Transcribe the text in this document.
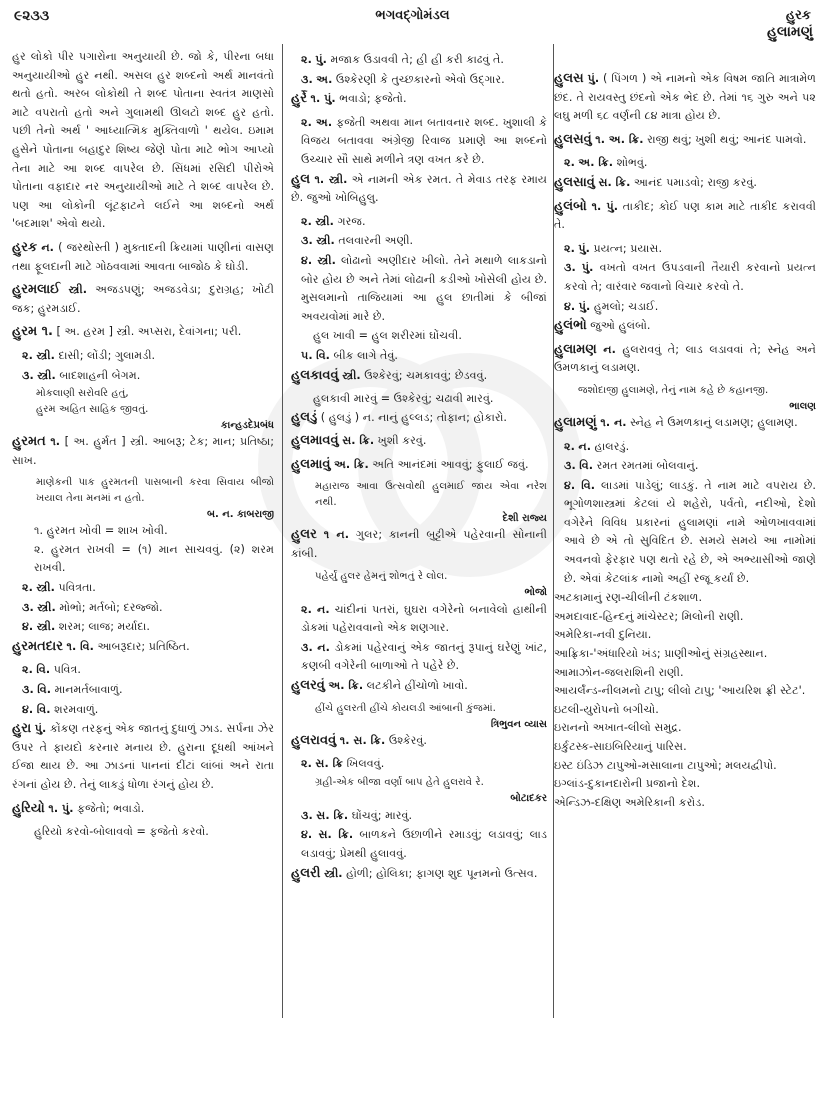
૯૨૩૩	ભગવદ્ગોમંડલ	હુરક
હુલામણું
હુર લોકો પીર પગારોના અનુયાયી છે. જો કે, પીરના બધા અનુયાયીઓ હુર નથી. અસલ હુર શબ્દનો અર્થ માનવંતો થતો હતો. અરબ લોકોથી તે શબ્દ પોતાના સ્વતંત્ર માણસો માટે વપરાતો હતો અને ગુલામથી ઊલટો શબ્દ હુર હતો. પછી તેનો અર્થ ' આધ્યાત્મિક મુક્તિવાળો ' થયેલ. ઇમામ હુસેને પોતાના બહાદુર શિષ્ય જેણે પોતા માટે ભોગ આપ્યો તેના માટે આ શબ્દ વાપરેલ છે. સિંધમાં રસિદી પીરોએ પોતાના વફાદાર નર અનુયાયીઓ માટે તે શબ્દ વાપરેલ છે. પણ આ લોકોની લૂંટફાટને લઈને આ શબ્દનો અર્થ 'બદમાશ' એવો થયો.
હુરક ન. ( જરથોસ્તી ) મુક્તાદની ક્રિયામાં પાણીનાં વાસણ તથા ફૂલદાની માટે ગોઠવવામાં આવતા બાજોઠ કે ઘોડી.
હુરમલાઈ સ્ત્રી. અજડપણું; અજડવેડા; દુરાગ્રહ; ખોટી જક; હુરમડાઈ.
હુરમ ૧. [ અ. હરમ ] સ્ત્રી. અપ્સરા, દેવાંગના; પરી.
૨. સ્ત્રી. દાસી; લોંડી; ગુલામડી.
૩. સ્ત્રી. બાદશાહની બેગમ.
મોકલાણી સરોવરિ હતું,
હુરમ અહિત સાહિક જીવતું.
કાન્હડદેપ્રબંધ
હુરમત ૧. [ અ. હુર્મત ] સ્ત્રી. આબરૂ; ટેક; માન; પ્રતિષ્ઠા; સાખ.
માણેકની પાક હુરમતની પાસબાની કરવા સિવાય બીજો ખયાલ તેના મનમાં ન હતો.
બ. ન. કાબરાજી
૧. હુરમત ખોવી = શાખ ખોવી.
૨. હુરમત રાખવી = (૧) માન સાચવવું. (૨) શરમ રાખવી.
૨. સ્ત્રી. પવિત્રતા.
૩. સ્ત્રી. મોભો; મર્તબો; દરજ્જો.
૪. સ્ત્રી. શરમ; લાજ; મર્યાદા.
હુરમતદાર ૧. વિ. આબરૂદાર; પ્રતિષ્ઠિત.
૨. વિ. પવિત્ર.
૩. વિ. માનમર્તબાવાળું.
૪. વિ. શરમવાળું.
હુરા પું. કોંકણ તરફનું એક જાતનું દુધાળું ઝાડ. સર્પના ઝેર ઉપર તે ફાયદો કરનાર મનાય છે. હુરાના દૂધથી આંખને ઈજા થાય છે. આ ઝાડનાં પાનનાં દીંટાં લાંબાં અને રાતા રંગનાં હોય છે. તેનું લાકડું ધોળા રંગનું હોય છે.
હુરિયો ૧. પું. ફજેતો; ભવાડો.
હુરિયો કરવો-બોલાવવો = ફજેતો કરવો.
૨. પું. મજાક ઉડાવવી તે; હી હી કરી કાઢવું તે.
૩. અ. ઉશ્કેરણી કે તુચ્છકારનો એવો ઉદ્ગાર.
હુર્રે ૧. પું. ભવાડો; ફજેતો.
૨. અ. ફજેતી અથવા માન બતાવનાર શબ્દ. ખુશાલી કે વિજય બતાવવા અંગ્રેજી રિવાજ પ્રમાણે આ શબ્દનો ઉચ્ચાર સૌ સાથે મળીને ત્રણ વખત કરે છે.
હુલ ૧. સ્ત્રી. એ નામની એક રમત. તે મેવાડ તરફ રમાય છે. જુઓ ખોબિહુલુ.
૨. સ્ત્રી. ગરજ.
૩. સ્ત્રી. તલવારની અણી.
૪. સ્ત્રી. લોઢાનો અણીદાર ખીલો. તેને મથાળે લાકડાનો બોર હોય છે અને તેમાં લોઢાની કડીઓ ખોસેલી હોય છે. મુસલમાનો તાજિયામાં આ હુલ છાતીમાં કે બીજાં અવયવોમાં મારે છે.
હુલ ખાવી = હુલ શરીરમાં ઘોંચવી.
૫. વિ. બીક લાગે તેવું.
હુલકાવવું સ્ત્રી. ઉશ્કેરવું; ચમકાવવું; છેડવવું.
હુલકાવી મારવું = ઉશ્કેરવું; ચઢાવી મારવું.
હુલડું ( હુલડું ) ન. નાનું હુલ્લડ; તોફાન; હોકારો.
હુલમાવવું સ. ક્રિ. ખુશી કરવું.
હુલમાવું અ. ક્રિ. અતિ આનંદમાં આવવું; ફુલાઈ જવું.
મહારાજ આવા ઉત્સવોથી હુલમાઈ જાય એવા નરેશ નથી.
દેશી રાજ્ય
હુલર ૧ ન. ગુલર; કાનની બુટ્ટીએ પહેરવાની સોનાની કાંબી.
પહેર્યું હુલર હેમનું શોભતું રે લોલ.
ભોજો
૨. ન. ચાંદીનાં પતરાં, ઘુઘરા વગેરેનો બનાવેલો હાથીની ડોકમાં પહેરાવવાનો એક શણગાર.
૩. ન. ડોકમાં પહેરવાનું એક જાતનું રૂપાનું ઘરેણું ખાંટ, કણબી વગેરેની બાળાઓ તે પહેરે છે.
હુલરવું અ. ક્રિ. લટકીને હીંચોળો ખાવો.
હીંચે હુલરતી હીંચે કોયલડી આંબાની કુંજમાં.
ત્રિભુવન વ્યાસ
હુલરાવવું ૧. સ. ક્રિ. ઉશ્કેરવું.
૨. સ. ક્રિ ખિલવવું.
ગ્રહી-એક બીજા વર્ણાં બાપ હેતે હુલરાવે રે.
બોટાદકર
૩. સ. ક્રિ. ઘોંચવું; મારવું.
૪. સ. ક્રિ. બાળકને ઉછાળીને રમાડવું; લડાવવું; લાડ લડાવવું; પ્રેમથી હુલાવવું.
હુલરી સ્ત્રી. હોળી; હોલિકા; ફાગણ શુદ પૂનમનો ઉત્સવ.
હુલસ પું. ( પિંગળ ) એ નામનો એક વિષમ જાતિ માત્રામેળ છંદ. તે રાયવસ્તુ છંદનો એક ભેદ છે. તેમાં ૧૬ ગુરુ અને ૫૨ લઘુ મળી ૬૮ વર્ણની ૮૪ માત્રા હોય છે.
હુલસવું ૧. અ. ક્રિ. રાજી થવું; ખુશી થવું; આનંદ પામવો.
૨. અ. ક્રિ. શોભવું.
હુલસાવું સ. ક્રિ. આનંદ પમાડવો; રાજી કરવું.
હુલંબો ૧. પું. તાકીદ; કોઈ પણ કામ માટે તાકીદ કરાવવી તે.
૨. પું. પ્રયત્ન; પ્રયાસ.
૩. પું. વખતો વખત ઉપડવાની તૈયારી કરવાનો પ્રયત્ન કરવો તે; વારંવાર જવાનો વિચાર કરવો તે.
૪. પું. હુમલો; ચડાઈ.
હુલંભો જુઓ હુલંબો.
હુલામણ ન. હુલરાવવું તે; લાડ લડાવવાં તે; સ્નેહ અને ઉમળકાનું લડામણ.
જશોદાજી હુલામણે, તેનું નામ કહે છે કહાનજી.
ભાલણ
હુલામણું ૧. ન. સ્નેહ ને ઉમળકાનું લડામણ; હુલામણ.
૨. ન. હાલરડું.
૩. વિ. રમત રમતમાં બોલવાનું.
૪. વિ. લાડમાં પાડેલું; લાડકું. તે નામ માટે વપરાય છે. ભૂગોળશાસ્ત્રમાં કેટલાં યે શહેરો, પર્વતો, નદીઓ, દેશો વગેરેને વિવિધ પ્રકારનાં હુલામણાં નામે ઓળખાવવામાં આવે છે એ તો સુવિદિત છે. સમયે સમયે આ નામોમાં અવનવો ફેરફાર પણ થતો રહે છે, એ અભ્યાસીઓ જાણે છે. એવાં કેટલાંક નામો અહીં રજૂ કર્યાં છે.
અટકામાનું રણ-ચીલીની ટંકશાળ.
અમદાવાદ-હિન્દનું માંચેસ્ટર; મિલોની રાણી.
અમેરિકા-નવી દુનિયા.
આફ્રિકા-'અંધારિયો ખંડ; પ્રાણીઓનું સંગ્રહસ્થાન.
આમાઝોન-જલરાશિની રાણી.
આયર્લૅન્ડ-નીલમનો ટાપુ; લીલો ટાપુ; 'આયરિશ ફ્રી સ્ટેટ'.
ઇટલી-યુરોપનો બગીચો.
ઇરાનનો અખાત-લીલો સમુદ્ર.
ઇર્કુટસ્ક-સાઇબિરિયાનું પારિસ.
ઇસ્ટ ઇંડિઝ ટાપુઓ-મસાલાના ટાપુઓ; મલયદ્વીપો.
ઇગ્લાંડ-દુકાનદારોની પ્રજાનો દેશ.
એન્ડિઝ-દક્ષિણ અમેરિકાની કરોડ.
